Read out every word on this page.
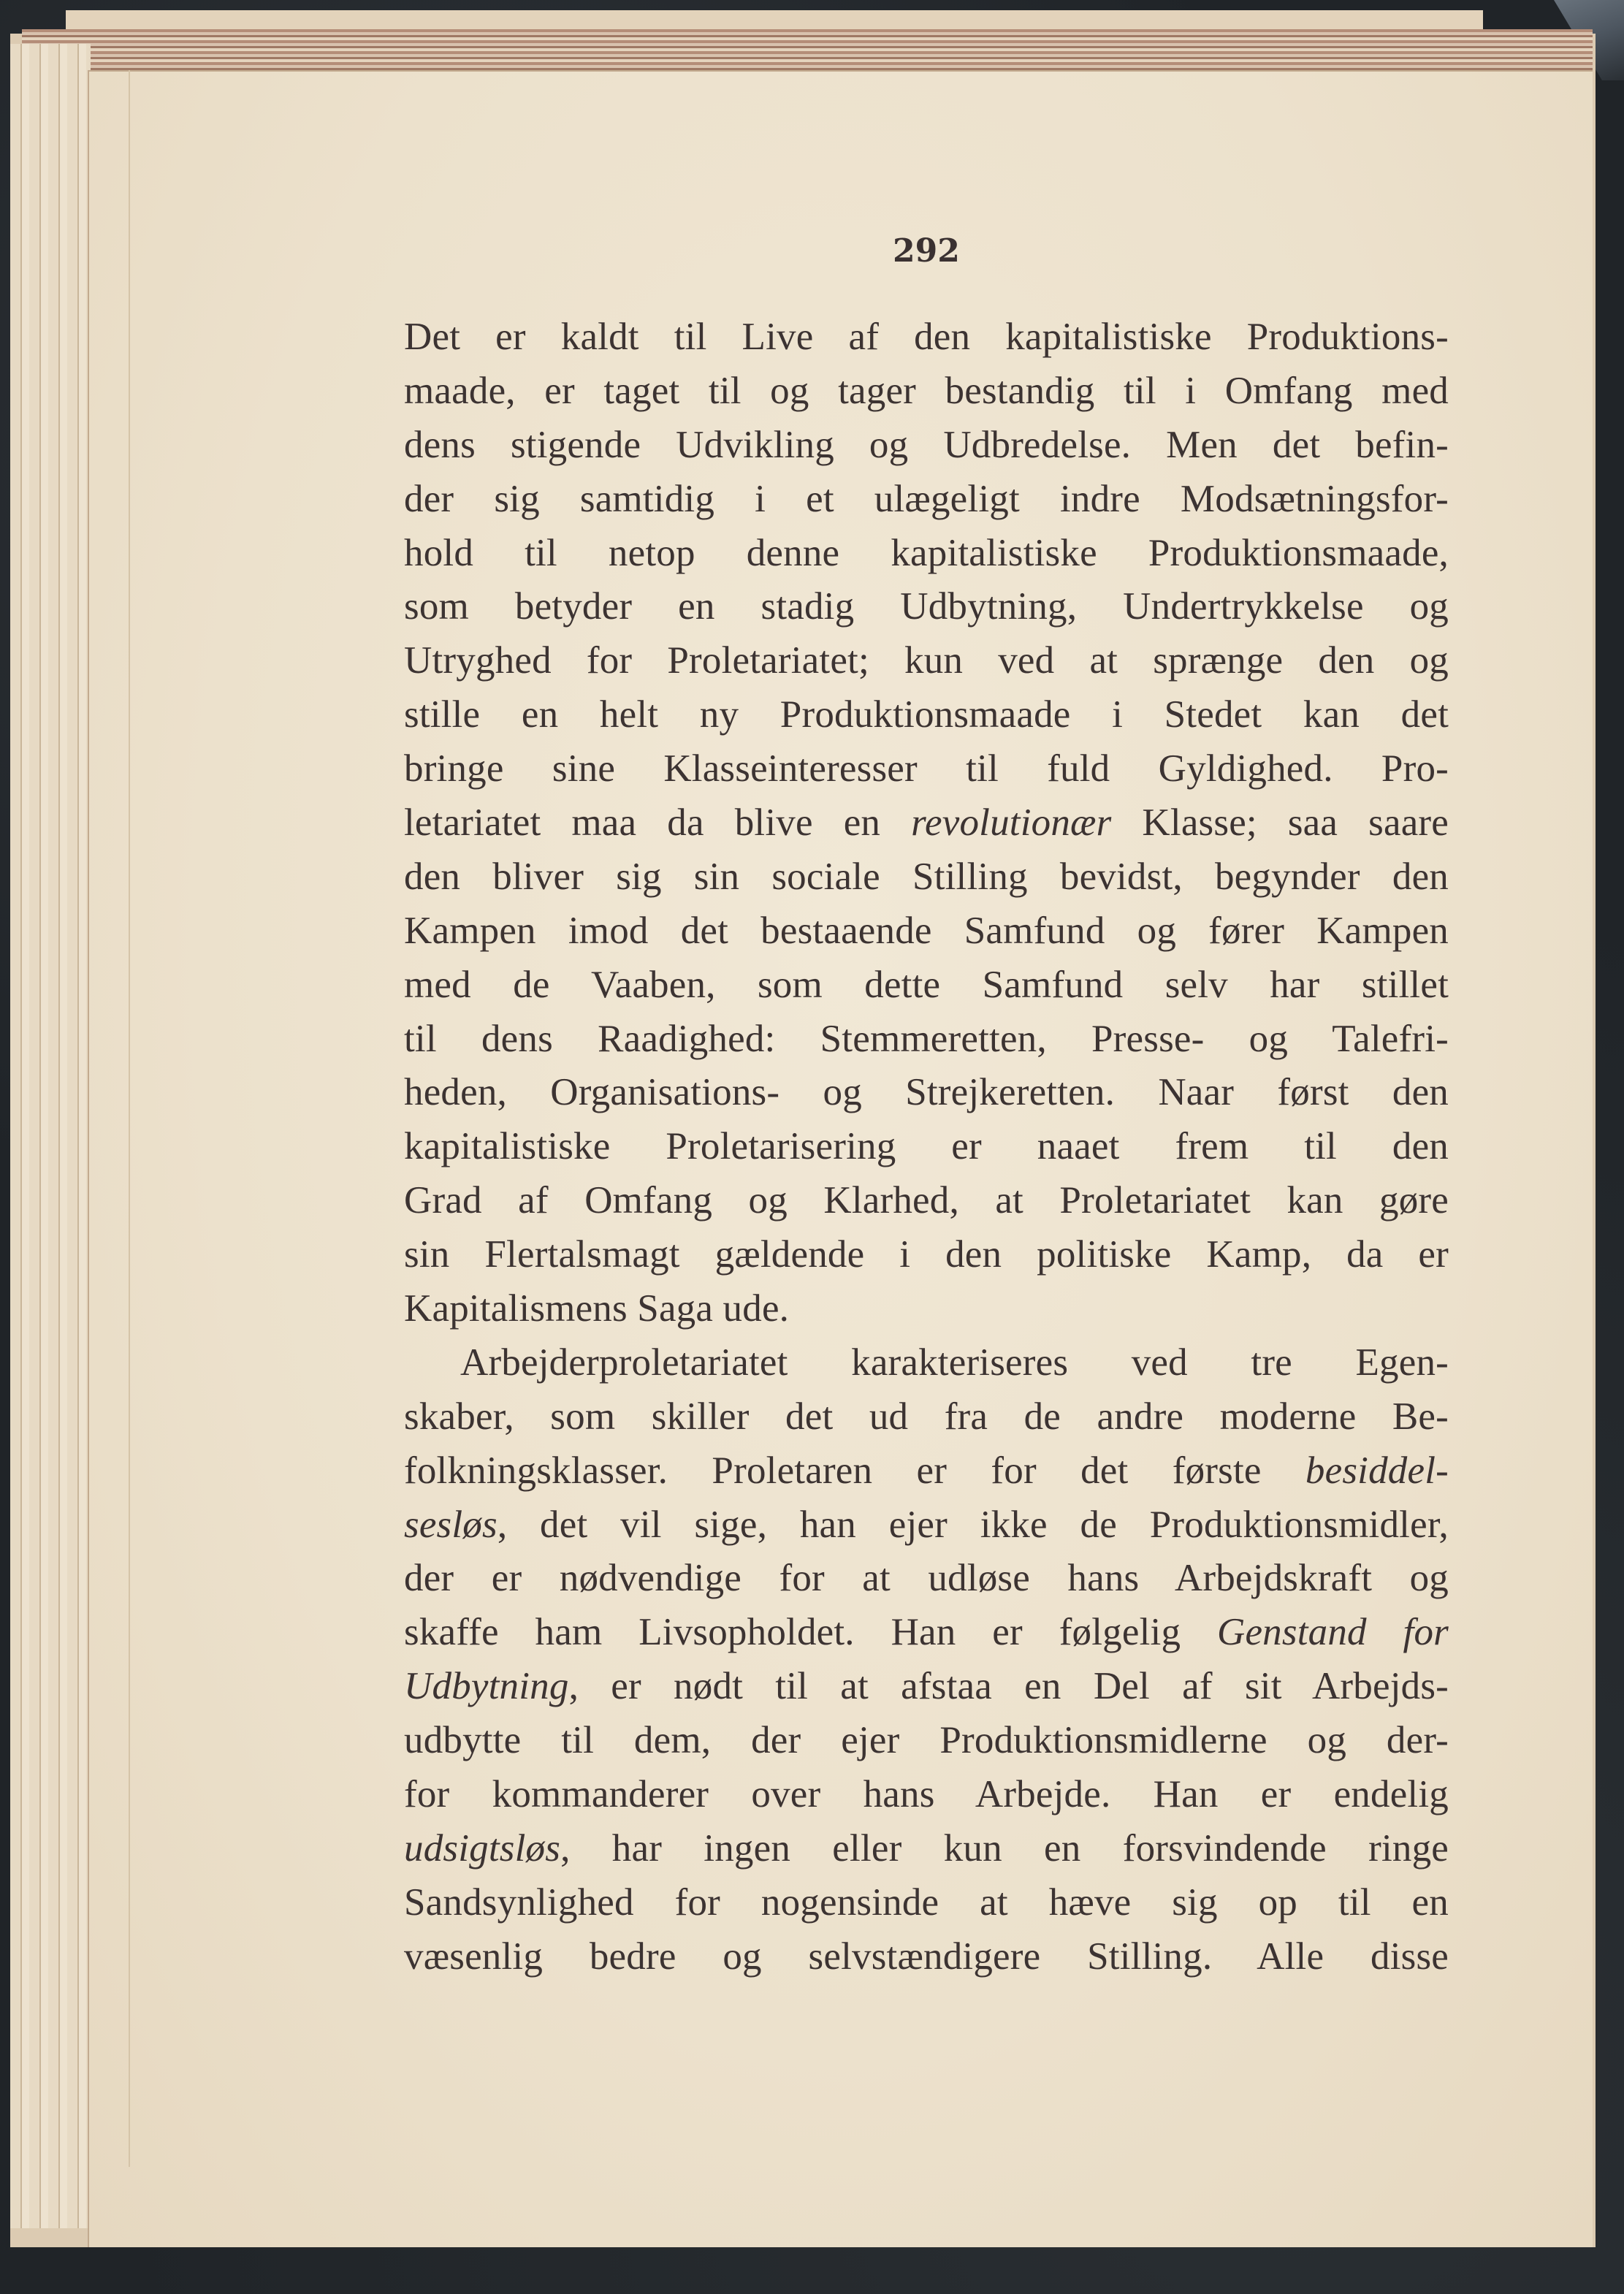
292
Det er kaldt til Live af den kapitalistiske Produktions-
maade, er taget til og tager bestandig til i Omfang med
dens stigende Udvikling og Udbredelse. Men det befin-
der sig samtidig i et ulægeligt indre Modsætningsfor-
hold til netop denne kapitalistiske Produktionsmaade,
som betyder en stadig Udbytning, Undertrykkelse og
Utryghed for Proletariatet; kun ved at sprænge den og
stille en helt ny Produktionsmaade i Stedet kan det
bringe sine Klasseinteresser til fuld Gyldighed. Pro-
letariatet maa da blive en revolutionær Klasse; saa saare
den bliver sig sin sociale Stilling bevidst, begynder den
Kampen imod det bestaaende Samfund og fører Kampen
med de Vaaben, som dette Samfund selv har stillet
til dens Raadighed: Stemmeretten, Presse- og Talefri-
heden, Organisations- og Strejkeretten. Naar først den
kapitalistiske Proletarisering er naaet frem til den
Grad af Omfang og Klarhed, at Proletariatet kan gøre
sin Flertalsmagt gældende i den politiske Kamp, da er
Kapitalismens Saga ude.
Arbejderproletariatet karakteriseres ved tre Egen-
skaber, som skiller det ud fra de andre moderne Be-
folkningsklasser. Proletaren er for det første besiddel-
sesløs, det vil sige, han ejer ikke de Produktionsmidler,
der er nødvendige for at udløse hans Arbejdskraft og
skaffe ham Livsopholdet. Han er følgelig Genstand for
Udbytning, er nødt til at afstaa en Del af sit Arbejds-
udbytte til dem, der ejer Produktionsmidlerne og der-
for kommanderer over hans Arbejde. Han er endelig
udsigtsløs, har ingen eller kun en forsvindende ringe
Sandsynlighed for nogensinde at hæve sig op til en
væsenlig bedre og selvstændigere Stilling. Alle disse
